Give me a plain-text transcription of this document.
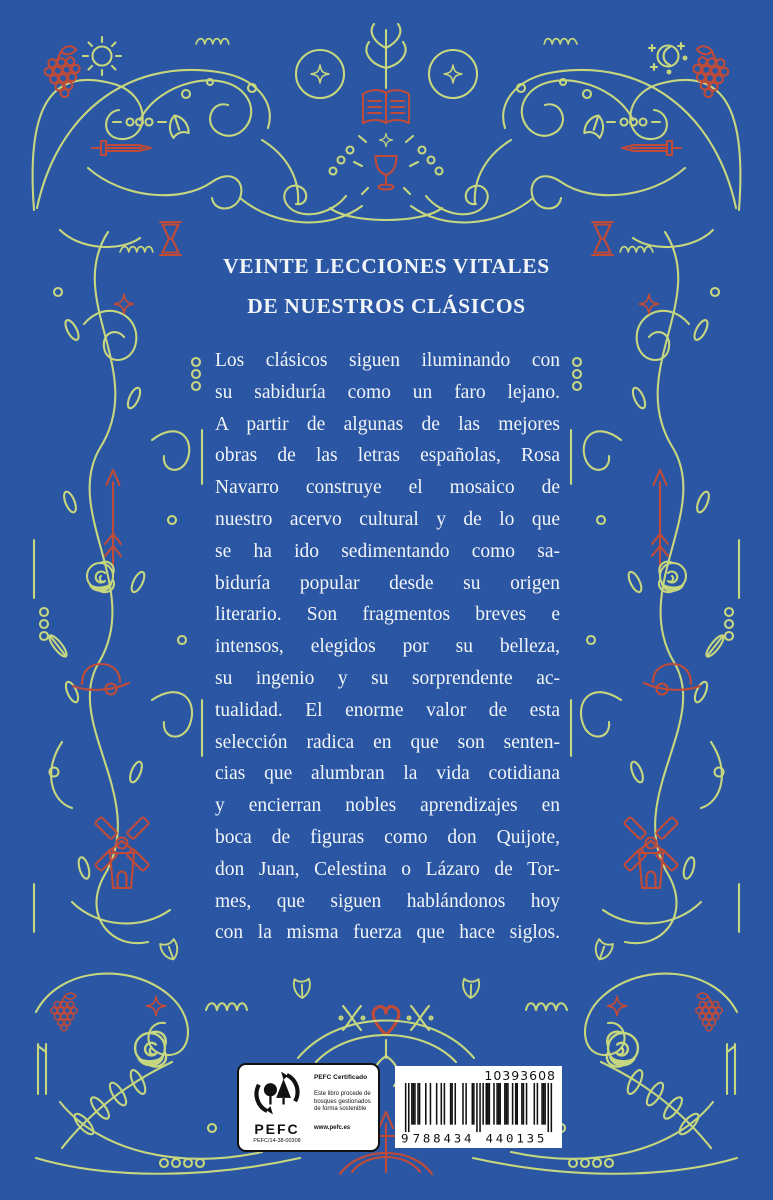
VEINTE LECCIONES VITALES
DE NUESTROS CLÁSICOS
Los clásicos siguen iluminando con
su sabiduría como un faro lejano.
A partir de algunas de las mejores
obras de las letras españolas, Rosa
Navarro construye el mosaico de
nuestro acervo cultural y de lo que
se ha ido sedimentando como sa-
biduría popular desde su origen
literario. Son fragmentos breves e
intensos, elegidos por su belleza,
su ingenio y su sorprendente ac-
tualidad. El enorme valor de esta
selección radica en que son senten-
cias que alumbran la vida cotidiana
y encierran nobles aprendizajes en
boca de figuras como don Quijote,
don Juan, Celestina o Lázaro de Tor-
mes, que siguen hablándonos hoy
con la misma fuerza que hace siglos.
PEFC
PEFC/14-38-00308
PEFC Certificado
Este libro procede de
bosques gestionados
de forma sostenible
www.pefc.es
10393608
9 788434 440135
